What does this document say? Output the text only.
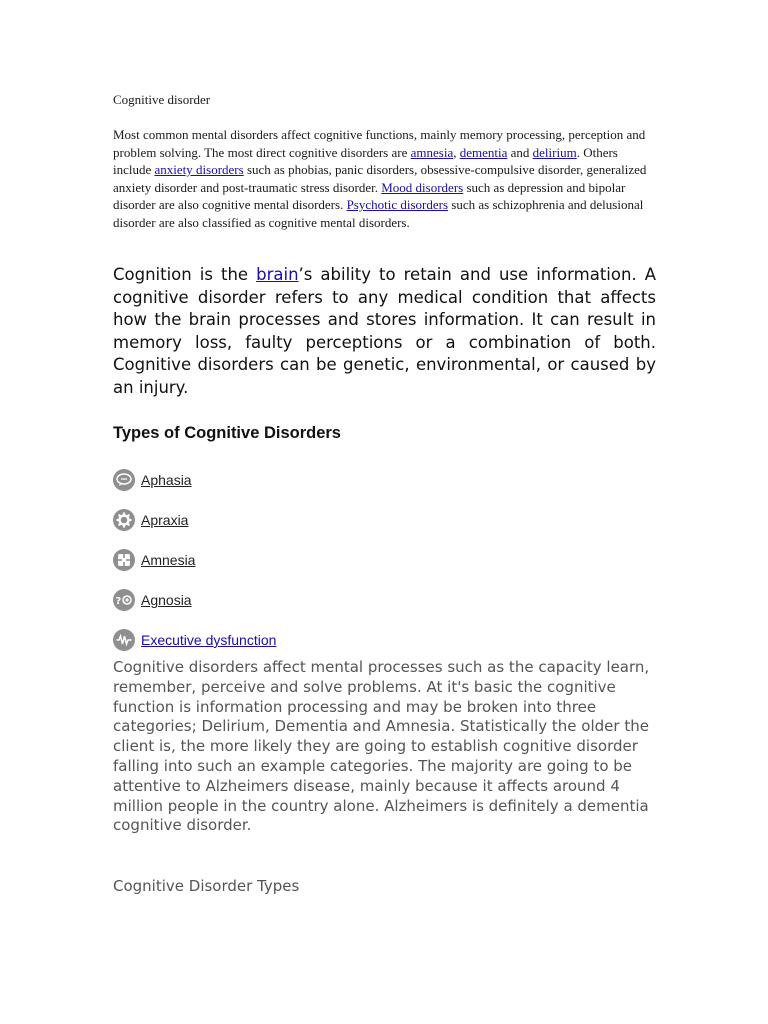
Cognitive disorder

Most common mental disorders affect cognitive functions, mainly memory processing, perception and problem solving. The most direct cognitive disorders are amnesia, dementia and delirium. Others include anxiety disorders such as phobias, panic disorders, obsessive-compulsive disorder, generalized anxiety disorder and post-traumatic stress disorder. Mood disorders such as depression and bipolar disorder are also cognitive mental disorders. Psychotic disorders such as schizophrenia and delusional disorder are also classified as cognitive mental disorders.

Cognition is the brain’s ability to retain and use information. A cognitive disorder refers to any medical condition that affects how the brain processes and stores information. It can result in memory loss, faulty perceptions or a combination of both. Cognitive disorders can be genetic, environmental, or caused by an injury.

Types of Cognitive Disorders
Aphasia
Apraxia
Amnesia
? Agnosia
Executive dysfunction

Cognitive disorders affect mental processes such as the capacity learn, remember, perceive and solve problems. At it's basic the cognitive function is information processing and may be broken into three categories; Delirium, Dementia and Amnesia. Statistically the older the client is, the more likely they are going to establish cognitive disorder falling into such an example categories. The majority are going to be attentive to Alzheimers disease, mainly because it affects around 4 million people in the country alone. Alzheimers is definitely a dementia cognitive disorder.

Cognitive Disorder Types
